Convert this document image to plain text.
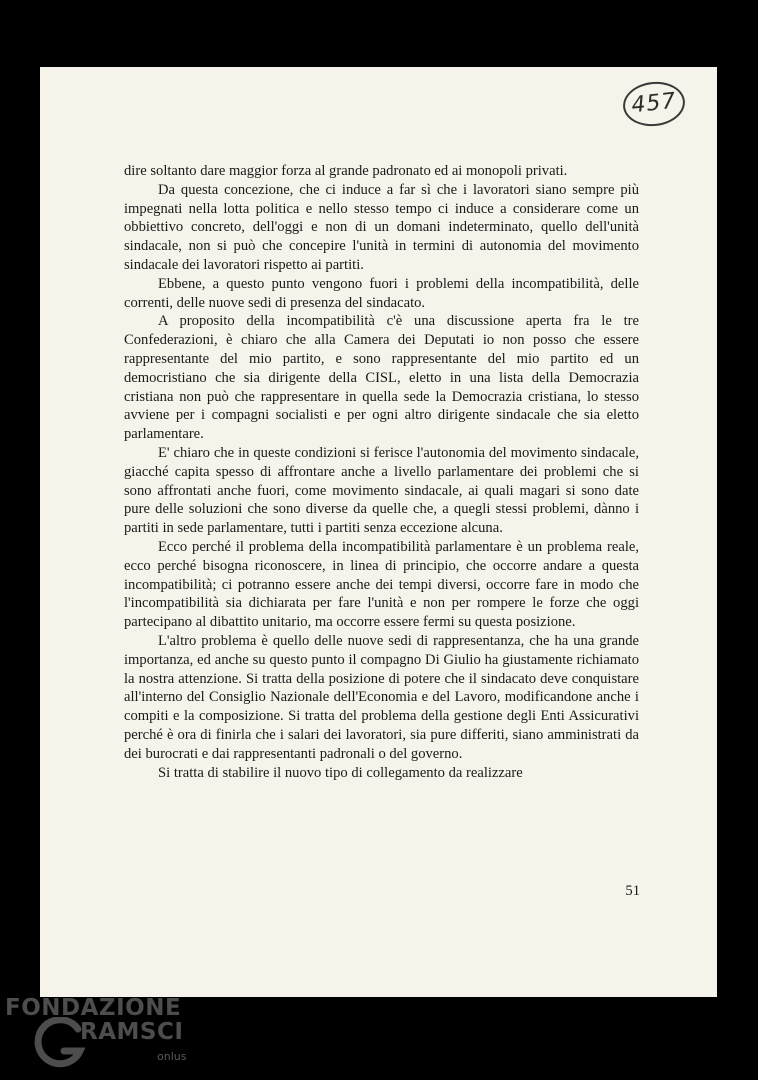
457

dire soltanto dare maggior forza al grande padronato ed ai monopoli privati.

Da questa concezione, che ci induce a far sì che i lavoratori siano sempre più impegnati nella lotta politica e nello stesso tempo ci induce a considerare come un obbiettivo concreto, dell'oggi e non di un domani indeterminato, quello dell'unità sindacale, non si può che concepire l'unità in termini di autonomia del movimento sindacale dei lavoratori rispetto ai partiti.

Ebbene, a questo punto vengono fuori i problemi della incompatibilità, delle correnti, delle nuove sedi di presenza del sindacato.

A proposito della incompatibilità c'è una discussione aperta fra le tre Confederazioni, è chiaro che alla Camera dei Deputati io non posso che essere rappresentante del mio partito, e sono rappresentante del mio partito ed un democristiano che sia dirigente della CISL, eletto in una lista della Democrazia cristiana non può che rappresentare in quella sede la Democrazia cristiana, lo stesso avviene per i compagni socialisti e per ogni altro dirigente sindacale che sia eletto parlamentare.

E' chiaro che in queste condizioni si ferisce l'autonomia del movimento sindacale, giacché capita spesso di affrontare anche a livello parlamentare dei problemi che si sono affrontati anche fuori, come movimento sindacale, ai quali magari si sono date pure delle soluzioni che sono diverse da quelle che, a quegli stessi problemi, dànno i partiti in sede parlamentare, tutti i partiti senza eccezione alcuna.

Ecco perché il problema della incompatibilità parlamentare è un problema reale, ecco perché bisogna riconoscere, in linea di principio, che occorre andare a questa incompatibilità; ci potranno essere anche dei tempi diversi, occorre fare in modo che l'incompatibilità sia dichiarata per fare l'unità e non per rompere le forze che oggi partecipano al dibattito unitario, ma occorre essere fermi su questa posizione.

L'altro problema è quello delle nuove sedi di rappresentanza, che ha una grande importanza, ed anche su questo punto il compagno Di Giulio ha giustamente richiamato la nostra attenzione. Si tratta della posizione di potere che il sindacato deve conquistare all'interno del Consiglio Nazionale dell'Economia e del Lavoro, modificandone anche i compiti e la composizione. Si tratta del problema della gestione degli Enti Assicurativi perché è ora di finirla che i salari dei lavoratori, sia pure differiti, siano amministrati da dei burocrati e dai rappresentanti padronali o del governo.

Si tratta di stabilire il nuovo tipo di collegamento da realizzare

51
FONDAZIONE
RAMSCI
onlus
